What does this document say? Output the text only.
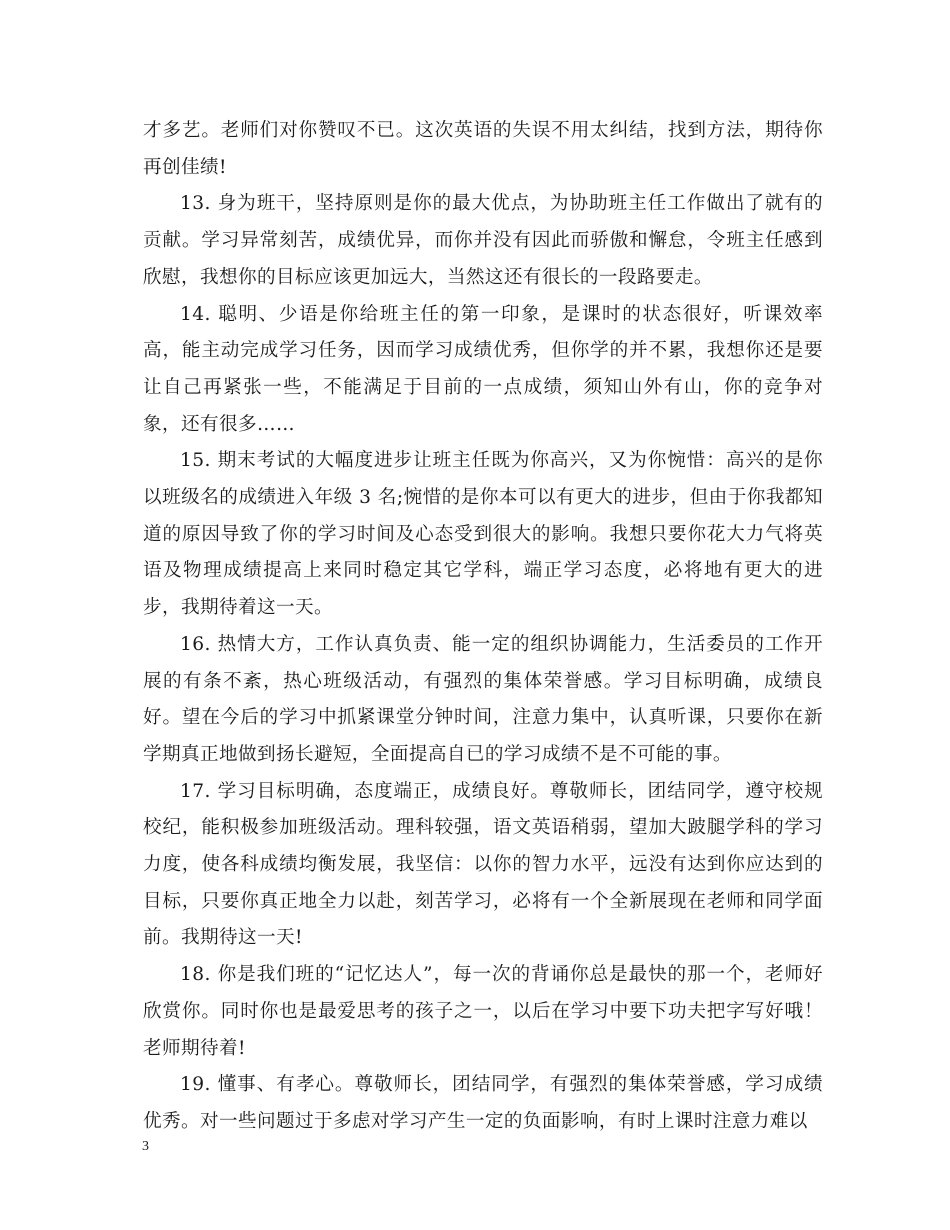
才多艺。老师们对你赞叹不已。这次英语的失误不用太纠结，找到方法，期待你再创佳绩!

13. 身为班干，坚持原则是你的最大优点，为协助班主任工作做出了就有的贡献。学习异常刻苦，成绩优异，而你并没有因此而骄傲和懈怠，令班主任感到欣慰，我想你的目标应该更加远大，当然这还有很长的一段路要走。

14. 聪明、少语是你给班主任的第一印象，是课时的状态很好，听课效率高，能主动完成学习任务，因而学习成绩优秀，但你学的并不累，我想你还是要让自己再紧张一些，不能满足于目前的一点成绩，须知山外有山，你的竞争对象，还有很多……

15. 期末考试的大幅度进步让班主任既为你高兴，又为你惋惜：高兴的是你以班级名的成绩进入年级 3 名;惋惜的是你本可以有更大的进步，但由于你我都知道的原因导致了你的学习时间及心态受到很大的影响。我想只要你花大力气将英语及物理成绩提高上来同时稳定其它学科，端正学习态度，必将地有更大的进步，我期待着这一天。

16. 热情大方，工作认真负责、能一定的组织协调能力，生活委员的工作开展的有条不紊，热心班级活动，有强烈的集体荣誉感。学习目标明确，成绩良好。望在今后的学习中抓紧课堂分钟时间，注意力集中，认真听课，只要你在新学期真正地做到扬长避短，全面提高自已的学习成绩不是不可能的事。

17. 学习目标明确，态度端正，成绩良好。尊敬师长，团结同学，遵守校规校纪，能积极参加班级活动。理科较强，语文英语稍弱，望加大跛腿学科的学习力度，使各科成绩均衡发展，我坚信：以你的智力水平，远没有达到你应达到的目标，只要你真正地全力以赴，刻苦学习，必将有一个全新展现在老师和同学面前。我期待这一天!

18. 你是我们班的“记忆达人”，每一次的背诵你总是最快的那一个，老师好欣赏你。同时你也是最爱思考的孩子之一，以后在学习中要下功夫把字写好哦！老师期待着!

19. 懂事、有孝心。尊敬师长，团结同学，有强烈的集体荣誉感，学习成绩优秀。对一些问题过于多虑对学习产生一定的负面影响，有时上课时注意力难以

3
